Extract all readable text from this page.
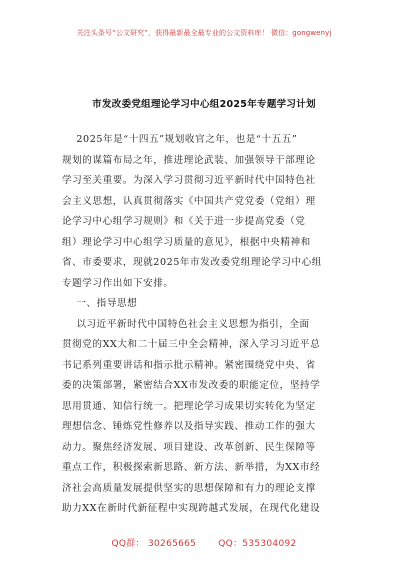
关注头条号“公文研究”，获得最新最全最专业的公文资料库！ 微信：gongwenyj
市发改委党组理论学习中心组2025年专题学习计划

2025年是“十四五”规划收官之年，也是“十五五”

规划的谋篇布局之年，推进理论武装、加强领导干部理论

学习至关重要。为深入学习贯彻习近平新时代中国特色社

会主义思想，认真贯彻落实《中国共产党党委（党组）理

论学习中心组学习规则》和《关于进一步提高党委（党

组）理论学习中心组学习质量的意见》，根据中央精神和

省、市委要求，现就2025年市发改委党组理论学习中心组

专题学习作出如下安排。

一、指导思想

以习近平新时代中国特色社会主义思想为指引，全面

贯彻党的XX大和二十届三中全会精神，深入学习习近平总

书记系列重要讲话和指示批示精神。紧密围绕党中央、省

委的决策部署，紧密结合XX市发改委的职能定位，坚持学

思用贯通、知信行统一。把理论学习成果切实转化为坚定

理想信念、锤炼党性修养以及指导实践、推动工作的强大

动力。聚焦经济发展、项目建设、改革创新、民生保障等

重点工作，积极探索新思路、新方法、新举措，为XX市经

济社会高质量发展提供坚实的思想保障和有力的理论支撑

助力XX在新时代新征程中实现跨越式发展，在现代化建设

QQ群： 30265665 QQ：535304092
